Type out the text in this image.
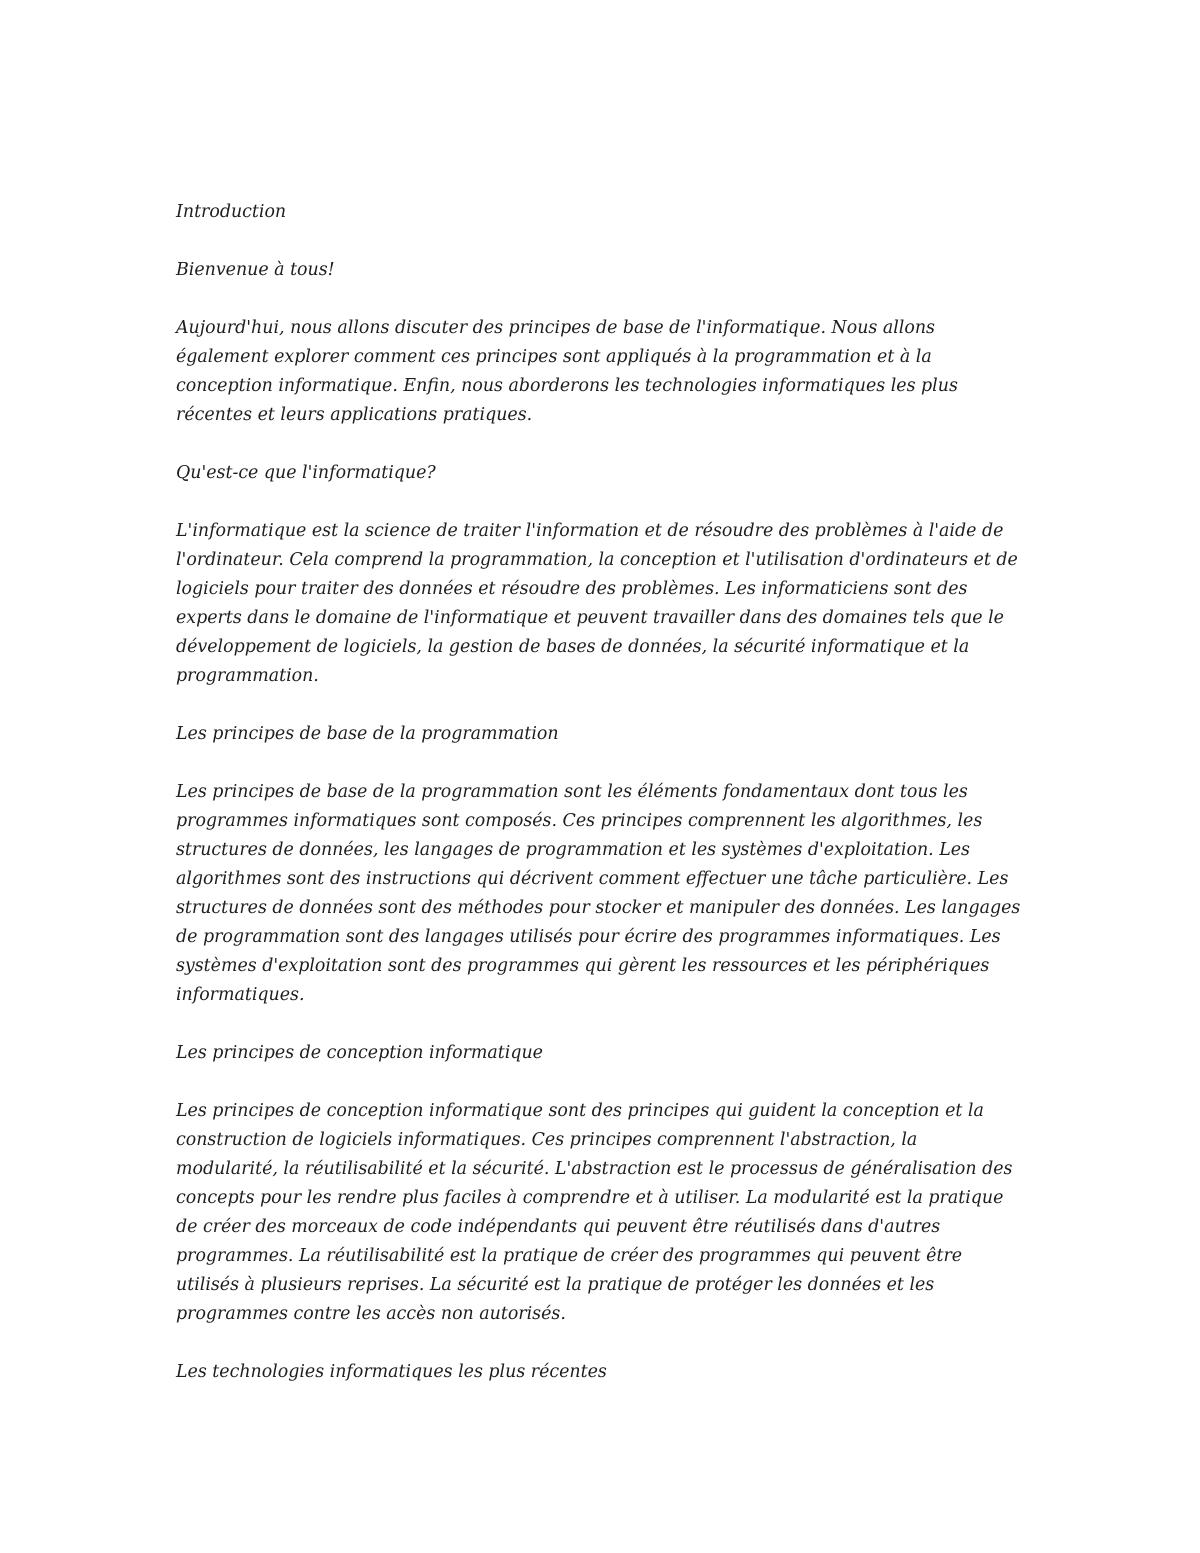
Introduction

Bienvenue à tous!

Aujourd'hui, nous allons discuter des principes de base de l'informatique. Nous allons également explorer comment ces principes sont appliqués à la programmation et à la conception informatique. Enfin, nous aborderons les technologies informatiques les plus récentes et leurs applications pratiques.

Qu'est-ce que l'informatique?

L'informatique est la science de traiter l'information et de résoudre des problèmes à l'aide de l'ordinateur. Cela comprend la programmation, la conception et l'utilisation d'ordinateurs et de logiciels pour traiter des données et résoudre des problèmes. Les informaticiens sont des experts dans le domaine de l'informatique et peuvent travailler dans des domaines tels que le développement de logiciels, la gestion de bases de données, la sécurité informatique et la programmation.

Les principes de base de la programmation

Les principes de base de la programmation sont les éléments fondamentaux dont tous les programmes informatiques sont composés. Ces principes comprennent les algorithmes, les structures de données, les langages de programmation et les systèmes d'exploitation. Les algorithmes sont des instructions qui décrivent comment effectuer une tâche particulière. Les structures de données sont des méthodes pour stocker et manipuler des données. Les langages de programmation sont des langages utilisés pour écrire des programmes informatiques. Les systèmes d'exploitation sont des programmes qui gèrent les ressources et les périphériques informatiques.

Les principes de conception informatique

Les principes de conception informatique sont des principes qui guident la conception et la construction de logiciels informatiques. Ces principes comprennent l'abstraction, la modularité, la réutilisabilité et la sécurité. L'abstraction est le processus de généralisation des concepts pour les rendre plus faciles à comprendre et à utiliser. La modularité est la pratique de créer des morceaux de code indépendants qui peuvent être réutilisés dans d'autres programmes. La réutilisabilité est la pratique de créer des programmes qui peuvent être utilisés à plusieurs reprises. La sécurité est la pratique de protéger les données et les programmes contre les accès non autorisés.

Les technologies informatiques les plus récentes
